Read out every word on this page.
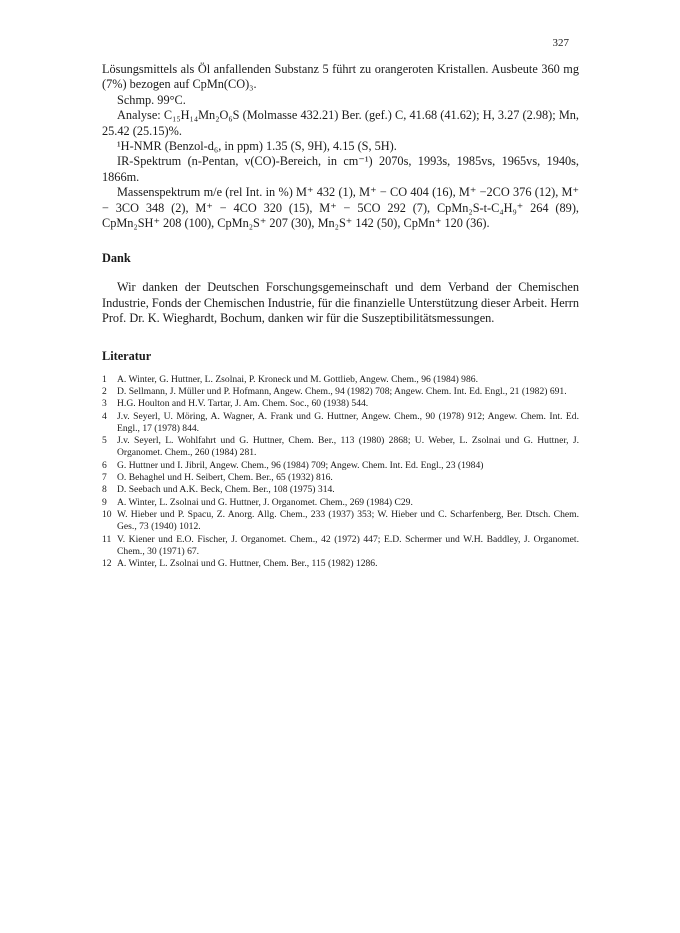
327

Lösungsmittels als Öl anfallenden Substanz 5 führt zu orangeroten Kristallen. Ausbeute 360 mg (7%) bezogen auf CpMn(CO)₃.

Schmp. 99°C.

Analyse: C₁₅H₁₄Mn₂O₆S (Molmasse 432.21) Ber. (gef.) C, 41.68 (41.62); H, 3.27 (2.98); Mn, 25.42 (25.15)%.

¹H-NMR (Benzol-d₆, in ppm) 1.35 (S, 9H), 4.15 (S, 5H).

IR-Spektrum (n-Pentan, ν(CO)-Bereich, in cm⁻¹) 2070s, 1993s, 1985vs, 1965vs, 1940s, 1866m.

Massenspektrum m/e (rel Int. in %) M⁺ 432 (1), M⁺ − CO 404 (16), M⁺ −2CO 376 (12), M⁺ − 3CO 348 (2), M⁺ − 4CO 320 (15), M⁺ − 5CO 292 (7), CpMn₂S-t-C₄H₉⁺ 264 (89), CpMn₂SH⁺ 208 (100), CpMn₂S⁺ 207 (30), Mn₂S⁺ 142 (50), CpMn⁺ 120 (36).

Dank

Wir danken der Deutschen Forschungsgemeinschaft und dem Verband der Chemischen Industrie, Fonds der Chemischen Industrie, für die finanzielle Unterstützung dieser Arbeit. Herrn Prof. Dr. K. Wieghardt, Bochum, danken wir für die Suszeptibilitätsmessungen.

Literatur
1	A. Winter, G. Huttner, L. Zsolnai, P. Kroneck und M. Gottlieb, Angew. Chem., 96 (1984) 986.
2	D. Sellmann, J. Müller und P. Hofmann, Angew. Chem., 94 (1982) 708; Angew. Chem. Int. Ed. Engl., 21 (1982) 691.
3	H.G. Houlton and H.V. Tartar, J. Am. Chem. Soc., 60 (1938) 544.
4	J.v. Seyerl, U. Möring, A. Wagner, A. Frank und G. Huttner, Angew. Chem., 90 (1978) 912; Angew. Chem. Int. Ed. Engl., 17 (1978) 844.
5	J.v. Seyerl, L. Wohlfahrt und G. Huttner, Chem. Ber., 113 (1980) 2868; U. Weber, L. Zsolnai und G. Huttner, J. Organomet. Chem., 260 (1984) 281.
6	G. Huttner und I. Jibril, Angew. Chem., 96 (1984) 709; Angew. Chem. Int. Ed. Engl., 23 (1984)
7	O. Behaghel und H. Seibert, Chem. Ber., 65 (1932) 816.
8	D. Seebach und A.K. Beck, Chem. Ber., 108 (1975) 314.
9	A. Winter, L. Zsolnai und G. Huttner, J. Organomet. Chem., 269 (1984) C29.
10 W. Hieber und P. Spacu, Z. Anorg. Allg. Chem., 233 (1937) 353; W. Hieber und C. Scharfenberg, Ber. Dtsch. Chem. Ges., 73 (1940) 1012.
11 V. Kiener und E.O. Fischer, J. Organomet. Chem., 42 (1972) 447; E.D. Schermer und W.H. Baddley, J. Organomet. Chem., 30 (1971) 67.
12 A. Winter, L. Zsolnai und G. Huttner, Chem. Ber., 115 (1982) 1286.
